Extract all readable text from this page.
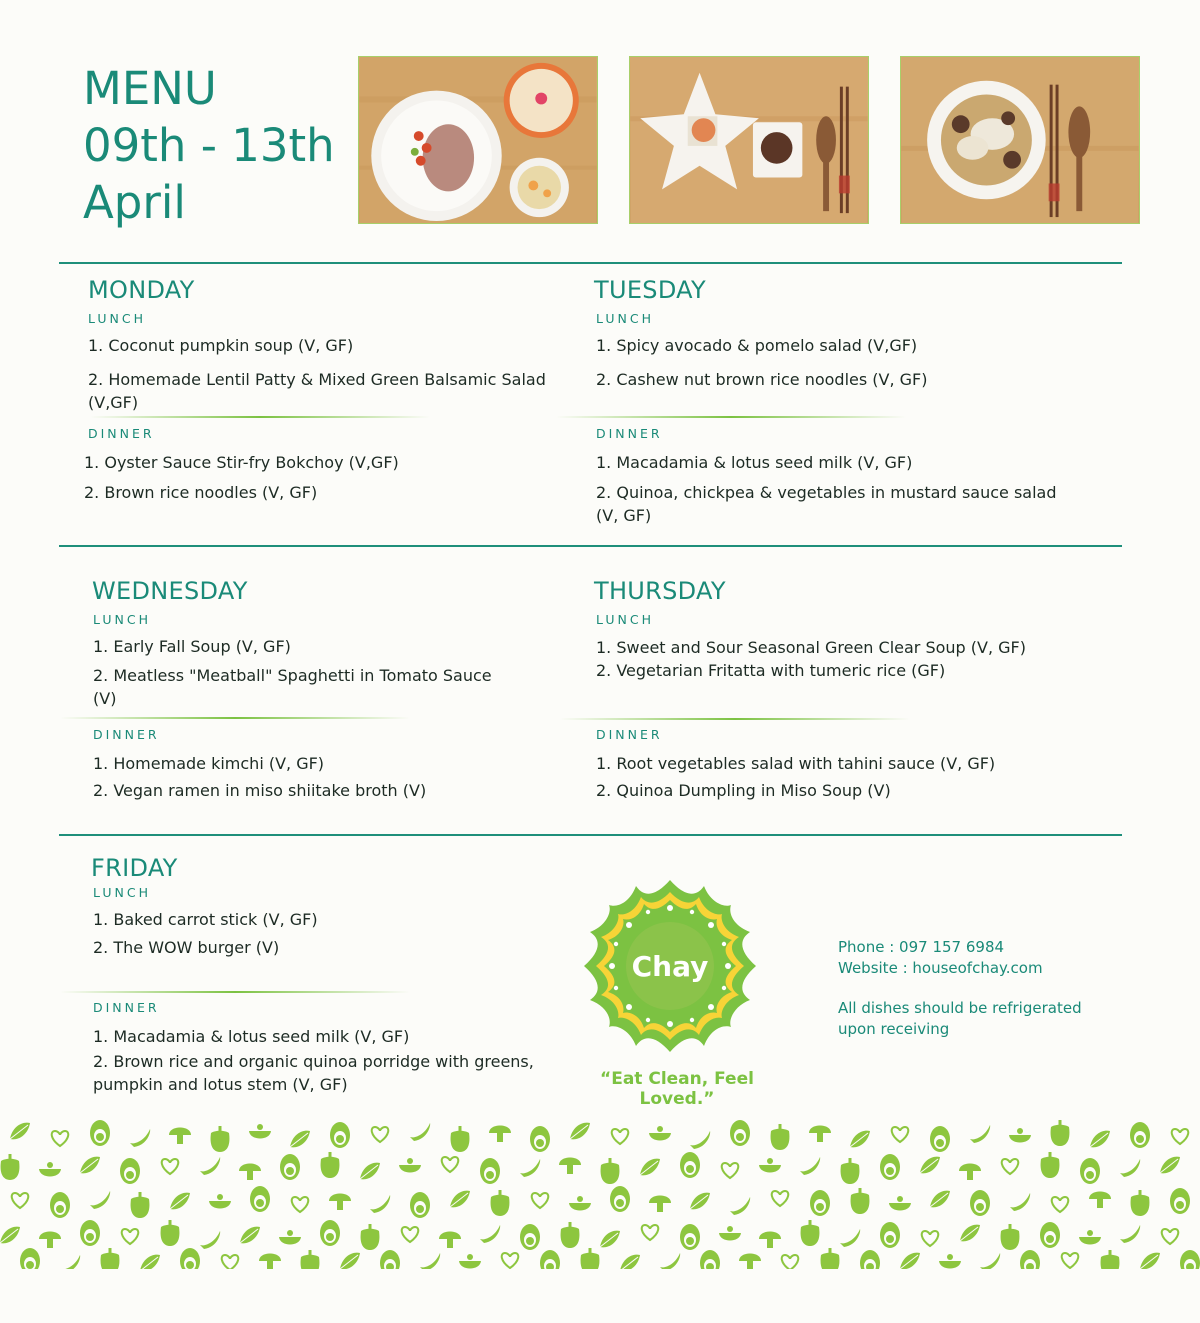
MENU
09th - 13th
April
MONDAY
LUNCH
1. Coconut pumpkin soup (V, GF)
2. Homemade Lentil Patty & Mixed Green Balsamic Salad
(V,GF)
DINNER
1. Oyster Sauce Stir-fry Bokchoy (V,GF)
2. Brown rice noodles (V, GF)
TUESDAY
LUNCH
1. Spicy avocado & pomelo salad (V,GF)
2. Cashew nut brown rice noodles (V, GF)
DINNER
1. Macadamia & lotus seed milk (V, GF)
2. Quinoa, chickpea & vegetables in mustard sauce salad
(V, GF)
WEDNESDAY
LUNCH
1. Early Fall Soup (V, GF)
2. Meatless "Meatball" Spaghetti in Tomato Sauce
(V)
DINNER
1. Homemade kimchi (V, GF)
2. Vegan ramen in miso shiitake broth (V)
THURSDAY
LUNCH
1. Sweet and Sour Seasonal Green Clear Soup (V, GF)
2. Vegetarian Fritatta with tumeric rice (GF)
DINNER
1. Root vegetables salad with tahini sauce (V, GF)
2. Quinoa Dumpling in Miso Soup (V)
FRIDAY
LUNCH
1. Baked carrot stick (V, GF)
2. The WOW burger (V)
DINNER
1. Macadamia & lotus seed milk (V, GF)
2. Brown rice and organic quinoa porridge with greens,
pumpkin and lotus stem (V, GF)
Chay
“Eat Clean, Feel Loved.”
Phone : 097 157 6984
Website : houseofchay.com
All dishes should be refrigerated
upon receiving
